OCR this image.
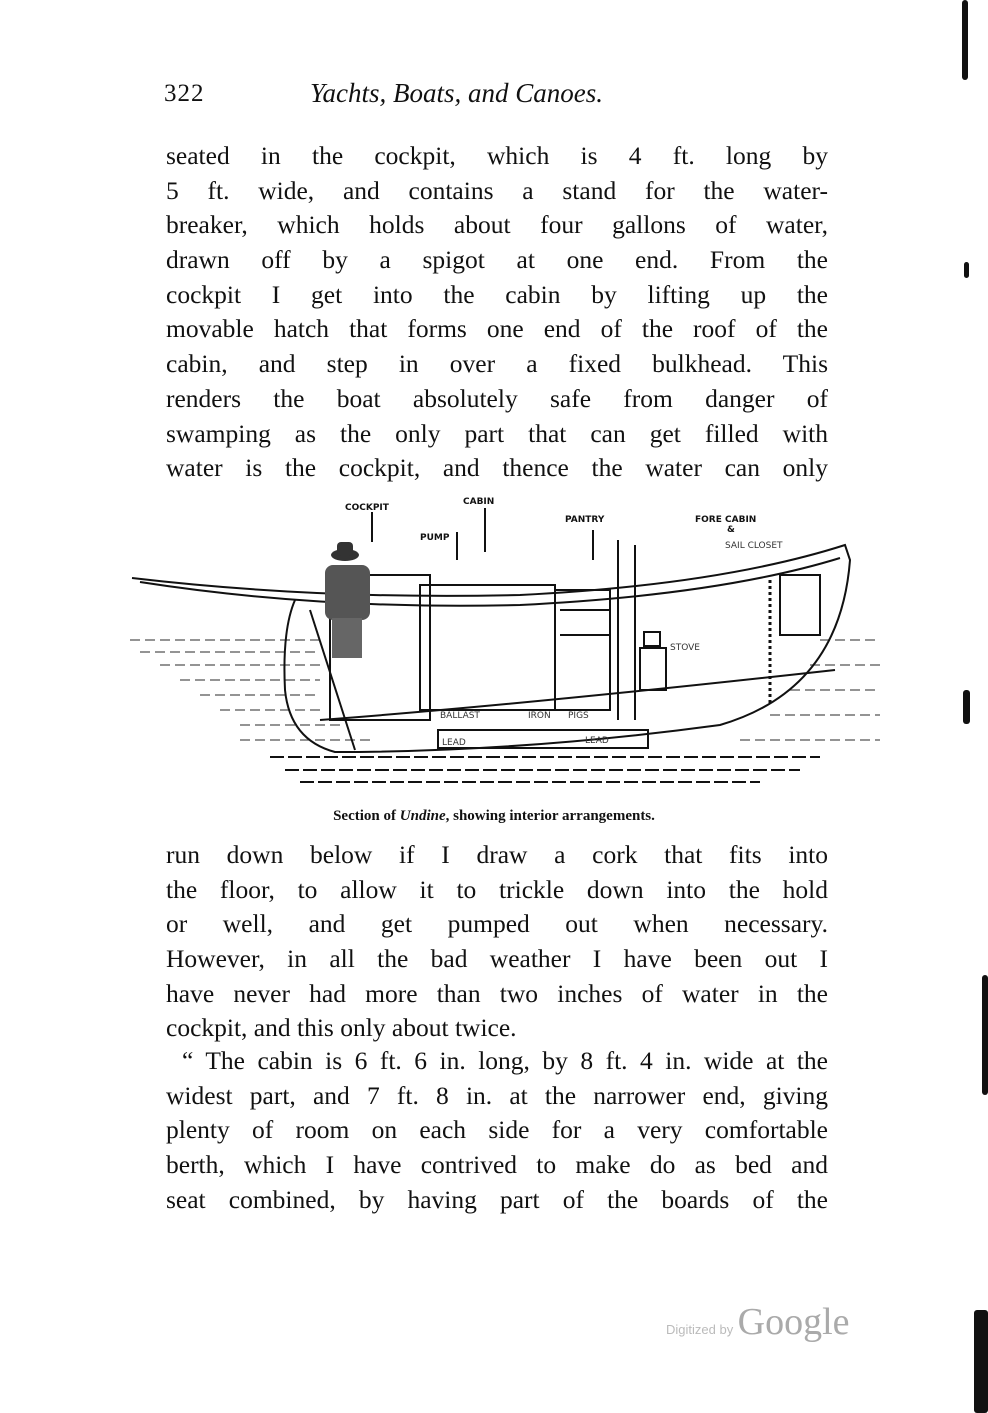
322	Yachts, Boats, and Canoes.
seated in the cockpit, which is 4 ft. long by
5 ft. wide, and contains a stand for the water-
breaker, which holds about four gallons of water,
drawn off by a spigot at one end. From the
cockpit I get into the cabin by lifting up the
movable hatch that forms one end of the roof of the
cabin, and step in over a fixed bulkhead. This
renders the boat absolutely safe from danger of
swamping as the only part that can get filled with
water is the cockpit, and thence the water can only
COCKPIT
CABIN
PUMP
PANTRY	FORE CABIN
&
SAIL CLOSET
STOVE
BALLAST	IRON PIGS
LEAD	LEAD
Section of Undine, showing interior arrangements.
run down below if I draw a cork that fits into
the floor, to allow it to trickle down into the hold
or well, and get pumped out when necessary.
However, in all the bad weather I have been out I
have never had more than two inches of water in the
cockpit, and this only about twice.
“ The cabin is 6 ft. 6 in. long, by 8 ft. 4 in. wide at the
widest part, and 7 ft. 8 in. at the narrower end, giving
plenty of room on each side for a very comfortable
berth, which I have contrived to make do as bed and
seat combined, by having part of the boards of the
Digitized by Google
